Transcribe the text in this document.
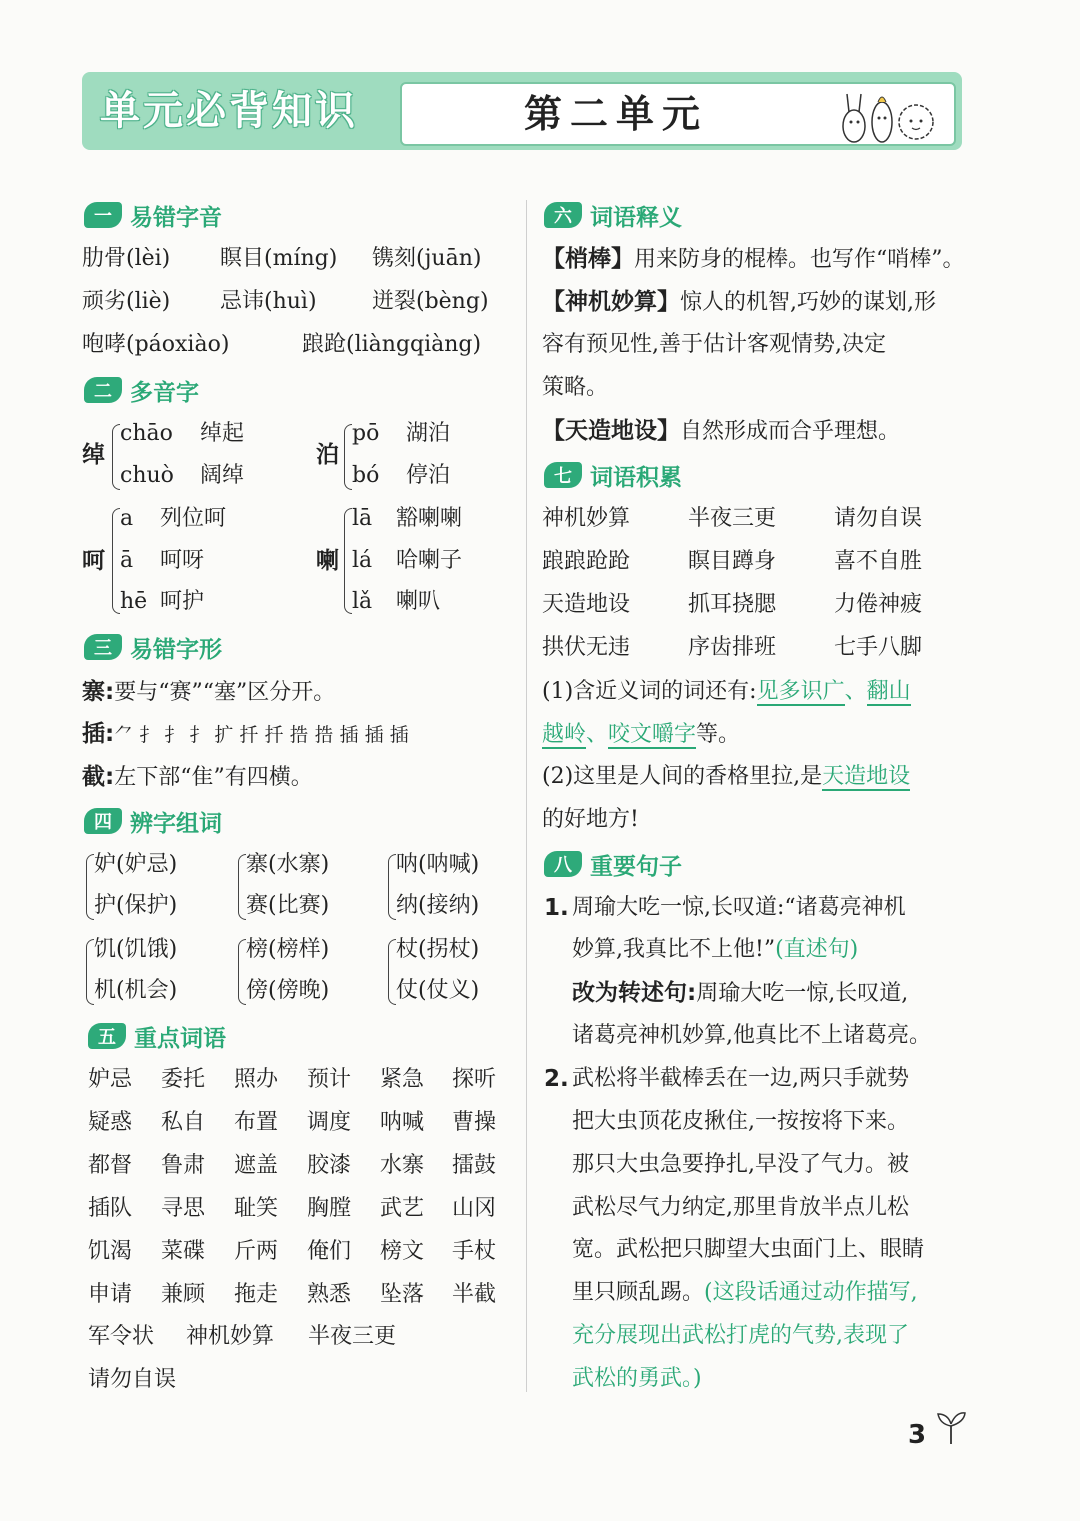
单元必背知识	第二单元
一 易错字音
肋骨(lèi) 瞑目(míng) 镌刻(juān)
顽劣(liè) 忌讳(huì)	迸裂(bèng)
咆哮(páoxiào)	踉跄(liàngqiàng)
二 多音字
绰
chāo 绰起
chuò 阔绰
泊
pō 湖泊
bó 停泊
呵
a 列位呵
ā 呵呀
hē 呵护
喇
lā 豁喇喇
lá 哈喇子
lǎ 喇叭
三 易错字形
寨:要与“赛”“塞”区分开。
插:⺈ 扌 扌 扌 扩 扦 扦 捁 捁 插 插 插
截:左下部“隹”有四横。
四 辨字组词
妒(妒忌)	寨(水寨)	呐(呐喊)
护(保护)	赛(比赛)	纳(接纳)
饥(饥饿)	榜(榜样)	杖(拐杖)
机(机会)	傍(傍晚)	仗(仗义)
五 重点词语
妒忌 委托 照办 预计 紧急 探听
疑惑 私自 布置 调度 呐喊 曹操
都督 鲁肃 遮盖 胶漆 水寨 擂鼓
插队 寻思 耻笑 胸膛 武艺 山冈
饥渴 菜碟 斤两 俺们 榜文 手杖
申请 兼顾 拖走 熟悉 坠落 半截
军令状 神机妙算 半夜三更
请勿自误
六 词语释义
【梢棒】用来防身的棍棒。也写作“哨棒”。
【神机妙算】惊人的机智,巧妙的谋划,形
容有预见性,善于估计客观情势,决定
策略。
【天造地设】自然形成而合乎理想。
七 词语积累
神机妙算	半夜三更	请勿自误
踉踉跄跄	瞑目蹲身	喜不自胜
天造地设	抓耳挠腮	力倦神疲
拱伏无违	序齿排班	七手八脚
(1)含近义词的词还有:见多识广、翻山
越岭、咬文嚼字等。
(2)这里是人间的香格里拉,是天造地设
的好地方!
八 重要句子
1. 周瑜大吃一惊,长叹道:“诸葛亮神机
妙算,我真比不上他!”(直述句)
改为转述句:周瑜大吃一惊,长叹道,
诸葛亮神机妙算,他真比不上诸葛亮。
2. 武松将半截棒丢在一边,两只手就势
把大虫顶花皮揪住,一按按将下来。
那只大虫急要挣扎,早没了气力。被
武松尽气力纳定,那里肯放半点儿松
宽。武松把只脚望大虫面门上、眼睛
里只顾乱踢。(这段话通过动作描写,
充分展现出武松打虎的气势,表现了
武松的勇武。)
3
